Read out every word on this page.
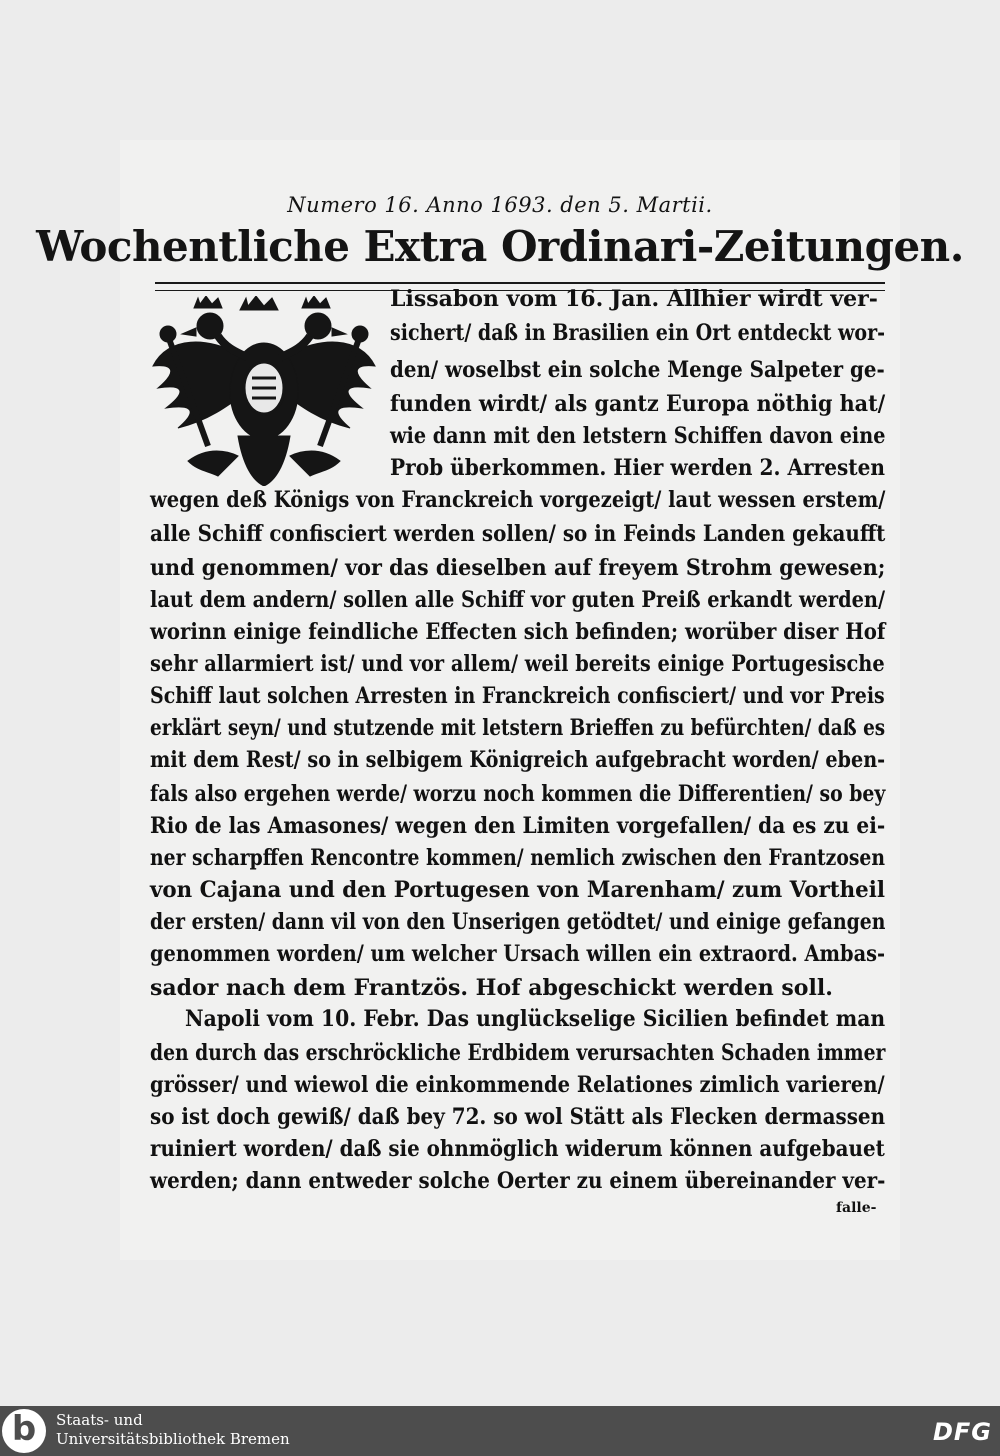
Numero 16. Anno 1693. den 5. Martii.
Wochentliche Extra Ordinari-Zeitungen.
Lissabon vom 16. Jan. Allhier wirdt ver-
sichert/ daß in Brasilien ein Ort entdeckt wor-
den/ woselbst ein solche Menge Salpeter ge-
funden wirdt/ als gantz Europa nöthig hat/
wie dann mit den letstern Schiffen davon eine
Prob überkommen. Hier werden 2. Arresten
wegen deß Königs von Franckreich vorgezeigt/ laut wessen erstem/
alle Schiff confisciert werden sollen/ so in Feinds Landen gekaufft
und genommen/ vor das dieselben auf freyem Strohm gewesen;
laut dem andern/ sollen alle Schiff vor guten Preiß erkandt werden/
worinn einige feindliche Effecten sich befinden; worüber diser Hof
sehr allarmiert ist/ und vor allem/ weil bereits einige Portugesische
Schiff laut solchen Arresten in Franckreich confisciert/ und vor Preis
erklärt seyn/ und stutzende mit letstern Brieffen zu befürchten/ daß es
mit dem Rest/ so in selbigem Königreich aufgebracht worden/ eben-
fals also ergehen werde/ worzu noch kommen die Differentien/ so bey
Rio de las Amasones/ wegen den Limiten vorgefallen/ da es zu ei-
ner scharpffen Rencontre kommen/ nemlich zwischen den Frantzosen
von Cajana und den Portugesen von Marenham/ zum Vortheil
der ersten/ dann vil von den Unserigen getödtet/ und einige gefangen
genommen worden/ um welcher Ursach willen ein extraord. Ambas-
sador nach dem Frantzös. Hof abgeschickt werden soll.
Napoli vom 10. Febr. Das unglückselige Sicilien befindet man
den durch das erschröckliche Erdbidem verursachten Schaden immer
grösser/ und wiewol die einkommende Relationes zimlich varieren/
so ist doch gewiß/ daß bey 72. so wol Stätt als Flecken dermassen
ruiniert worden/ daß sie ohnmöglich widerum können aufgebauet
werden; dann entweder solche Oerter zu einem übereinander ver-
falle-
b	Staats- und
Universitätsbibliothek Bremen	DFG
